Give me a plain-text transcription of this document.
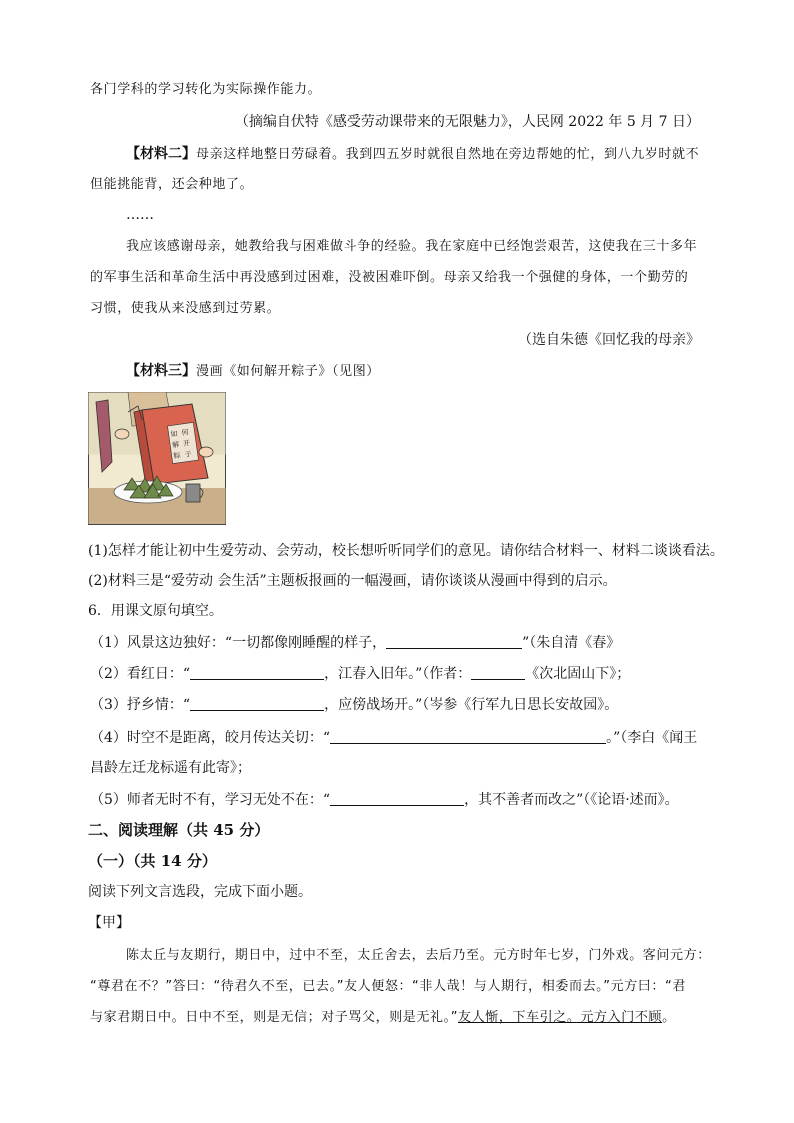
各门学科的学习转化为实际操作能力。
（摘编自伏特《感受劳动课带来的无限魅力》，人民网 2022 年 5 月 7 日）
【材料二】母亲这样地整日劳碌着。我到四五岁时就很自然地在旁边帮她的忙，到八九岁时就不
但能挑能背，还会种地了。
……
我应该感谢母亲，她教给我与困难做斗争的经验。我在家庭中已经饱尝艰苦，这使我在三十多年
的军事生活和革命生活中再没感到过困难，没被困难吓倒。母亲又给我一个强健的身体，一个勤劳的
习惯，使我从来没感到过劳累。
（选自朱德《回忆我的母亲》
【材料三】漫画《如何解开粽子》（见图）
如 何
解 开
粽 子
(1)怎样才能让初中生爱劳动、会劳动，校长想听听同学们的意见。请你结合材料一、材料二谈谈看法。
(2)材料三是“爱劳动 会生活”主题板报画的一幅漫画，请你谈谈从漫画中得到的启示。
6．用课文原句填空。
（1）风景这边独好：“一切都像刚睡醒的样子，	”（朱自清《春》
（2）看红日：“	，江春入旧年。”（作者：	《次北固山下》；
（3）抒乡情：“	，应傍战场开。”（岑参《行军九日思长安故园》。
（4）时空不是距离，皎月传达关切：“	。”（李白《闻王
昌龄左迁龙标遥有此寄》；
（5）师者无时不有，学习无处不在：“	，其不善者而改之”（《论语·述而》。
二、阅读理解（共 45 分）
（一）（共 14 分）
阅读下列文言选段，完成下面小题。
【甲】
陈太丘与友期行，期日中，过中不至，太丘舍去，去后乃至。元方时年七岁，门外戏。客问元方：
“尊君在不？”答曰：“待君久不至，已去。”友人便怒：“非人哉！与人期行，相委而去。”元方曰：“君
与家君期日中。日中不至，则是无信；对子骂父，则是无礼。”友人惭，下车引之。元方入门不顾。
